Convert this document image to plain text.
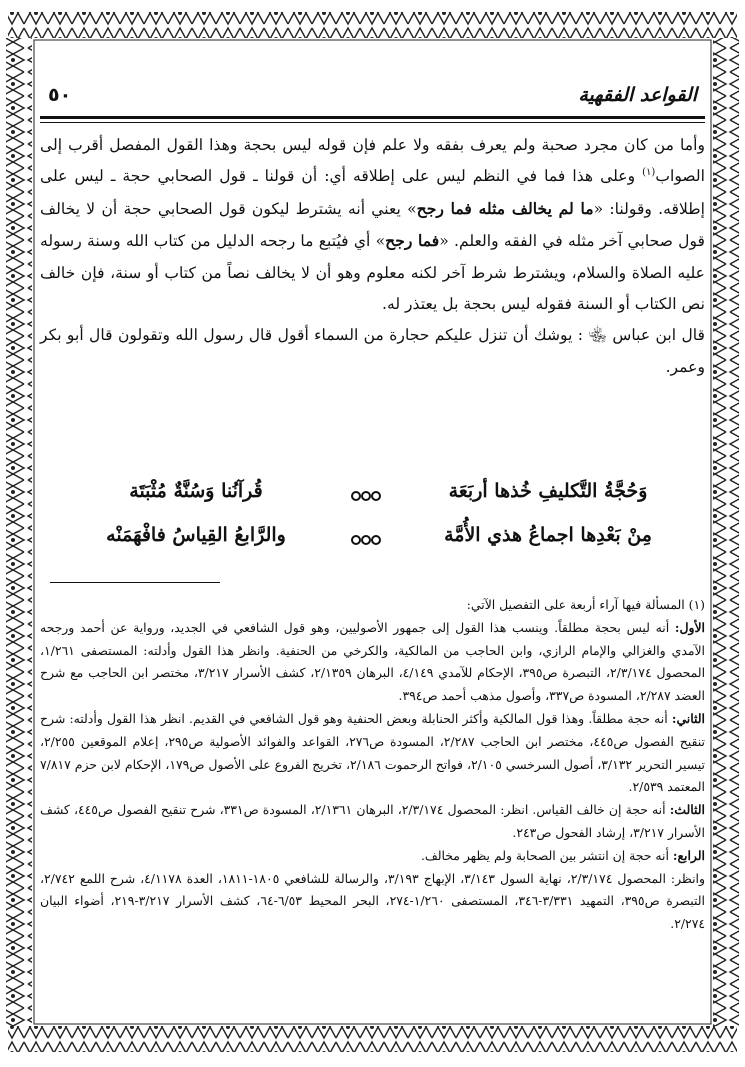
القواعد الفقهية
٥٠

وأما من كان مجرد صحبة ولم يعرف بفقه ولا علم فإن قوله ليس بحجة وهذا القول المفصل أقرب إلى الصواب$^{(١)}$ وعلى هذا فما في النظم ليس على إطلاقه أي: أن قولنا ـ قول الصحابي حجة ـ ليس على إطلاقه. وقولنا: «ما لم يخالف مثله فما رجح» يعني أنه يشترط ليكون قول الصحابي حجة أن لا يخالف قول صحابي آخر مثله في الفقه والعلم. «فما رجح» أي فيُتبع ما رجحه الدليل من كتاب الله وسنة رسوله عليه الصلاة والسلام، ويشترط شرط آخر لكنه معلوم وهو أن لا يخالف نصاً من كتاب أو سنة، فإن خالف نص الكتاب أو السنة فقوله ليس بحجة بل يعتذر له.

قال ابن عباس ﵄ : يوشك أن تنزل عليكم حجارة من السماء أقول قال رسول الله وتقولون قال أبو بكر وعمر.

وَحُجَّةُ التَّكليفِ خُذها أربَعَة
قُرآنُنا وَسُنَّةٌ مُثْبَتَة
مِنْ بَعْدِها اجماعُ هذي الأُمَّة
والرَّابعُ القِياسُ فافْهَمَنْه

(١) المسألة فيها آراء أربعة على التفصيل الآتي:

الأول: أنه ليس بحجة مطلقاً. وينسب هذا القول إلى جمهور الأصوليين، وهو قول الشافعي في الجديد، ورواية عن أحمد ورجحه الآمدي والغزالي والإمام الرازي، وابن الحاجب من المالكية، والكرخي من الحنفية. وانظر هذا القول وأدلته: المستصفى ١/٢٦١، المحصول ٢/٣/١٧٤، التبصرة ص٣٩٥، الإحكام للآمدي ٤/١٤٩، البرهان ٢/١٣٥٩، كشف الأسرار ٣/٢١٧، مختصر ابن الحاجب مع شرح العضد ٢/٢٨٧، المسودة ص٣٣٧، وأصول مذهب أحمد ص٣٩٤.

الثاني: أنه حجة مطلقاً. وهذا قول المالكية وأكثر الحنابلة وبعض الحنفية وهو قول الشافعي في القديم. انظر هذا القول وأدلته: شرح تنقيح الفصول ص٤٤٥، مختصر ابن الحاجب ٢/٢٨٧، المسودة ص٢٧٦، القواعد والفوائد الأصولية ص٢٩٥، إعلام الموقعين ٢/٢٥٥، تيسير التحرير ٣/١٣٢، أصول السرخسي ٢/١٠٥، فواتح الرحموت ٢/١٨٦، تخريج الفروع على الأصول ص١٧٩، الإحكام لابن حزم ٧/٨١٧ المعتمد ٢/٥٣٩.

الثالث: أنه حجة إن خالف القياس. انظر: المحصول ٢/٣/١٧٤، البرهان ٢/١٣٦١، المسودة ص٣٣١، شرح تنقيح الفصول ص٤٤٥، كشف الأسرار ٣/٢١٧، إرشاد الفحول ص٢٤٣.

الرابع: أنه حجة إن انتشر بين الصحابة ولم يظهر مخالف.

وانظر: المحصول ٢/٣/١٧٤، نهاية السول ٣/١٤٣، الإبهاج ٣/١٩٣، والرسالة للشافعي ١٨٠٥-١٨١١، العدة ٤/١١٧٨، شرح اللمع ٢/٧٤٢، التبصرة ص٣٩٥، التمهيد ٣/٣٣١-٣٤٦، المستصفى ١/٢٦٠-٢٧٤، البحر المحيط ٦/٥٣-٦٤، كشف الأسرار ٣/٢١٧-٢١٩، أضواء البيان ٢/٢٧٤.
